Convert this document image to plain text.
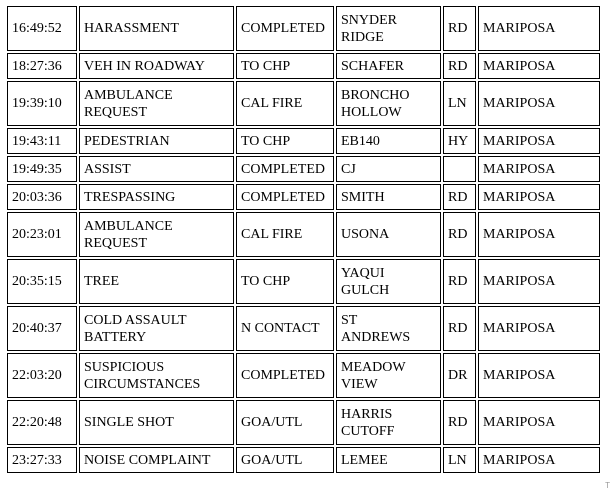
16:49:52	HARASSMENT	COMPLETED	SNYDER
RIDGE	RD	MARIPOSA
18:27:36	VEH IN ROADWAY	TO CHP	SCHAFER	RD	MARIPOSA
19:39:10	AMBULANCE
REQUEST	CAL FIRE	BRONCHO
HOLLOW	LN	MARIPOSA
19:43:11	PEDESTRIAN	TO CHP	EB140	HY	MARIPOSA
19:49:35	ASSIST	COMPLETED	CJ		MARIPOSA
20:03:36	TRESPASSING	COMPLETED	SMITH	RD	MARIPOSA
20:23:01	AMBULANCE
REQUEST	CAL FIRE	USONA	RD	MARIPOSA
20:35:15	TREE	TO CHP	YAQUI
GULCH	RD	MARIPOSA
20:40:37	COLD ASSAULT
BATTERY	N CONTACT	ST
ANDREWS	RD	MARIPOSA
22:03:20	SUSPICIOUS
CIRCUMSTANCES	COMPLETED	MEADOW
VIEW	DR	MARIPOSA
22:20:48	SINGLE SHOT	GOA/UTL	HARRIS
CUTOFF	RD	MARIPOSA
23:27:33	NOISE COMPLAINT	GOA/UTL	LEMEE	LN	MARIPOSA
T
